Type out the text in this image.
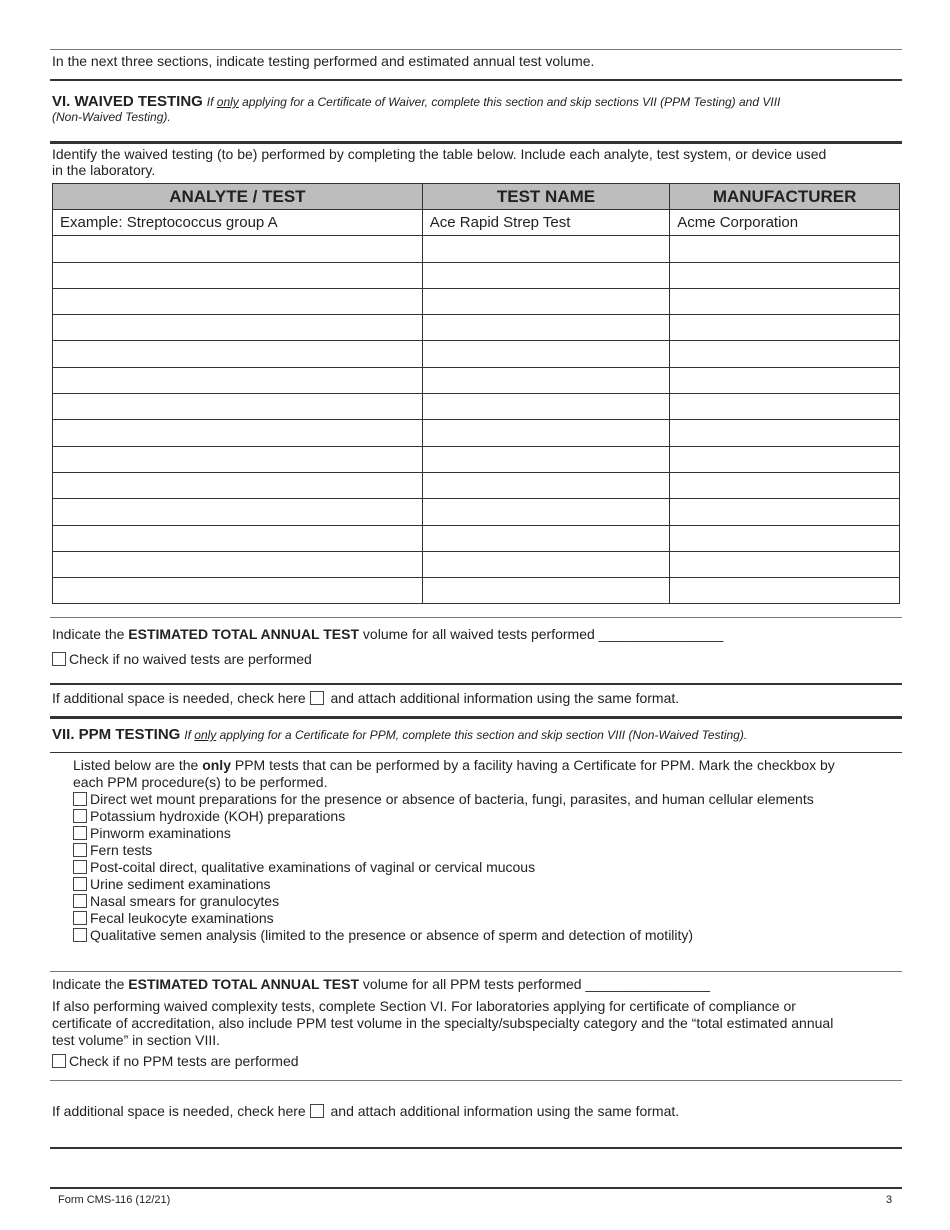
In the next three sections, indicate testing performed and estimated annual test volume.
VI. WAIVED TESTING If only applying for a Certificate of Waiver, complete this section and skip sections VII (PPM Testing) and VIII
(Non-Waived Testing).
Identify the waived testing (to be) performed by completing the table below. Include each analyte, test system, or device used
in the laboratory.
ANALYTE / TEST	TEST NAME	MANUFACTURER
Example: Streptococcus group A	Ace Rapid Strep Test	Acme Corporation

Indicate the ESTIMATED TOTAL ANNUAL TEST volume for all waived tests performed ________________
Check if no waived tests are performed
If additional space is needed, check here  and attach additional information using the same format.
VII. PPM TESTING If only applying for a Certificate for PPM, complete this section and skip section VIII (Non-Waived Testing).
Listed below are the only PPM tests that can be performed by a facility having a Certificate for PPM. Mark the checkbox by
each PPM procedure(s) to be performed.
Direct wet mount preparations for the presence or absence of bacteria, fungi, parasites, and human cellular elements
Potassium hydroxide (KOH) preparations
Pinworm examinations
Fern tests
Post-coital direct, qualitative examinations of vaginal or cervical mucous
Urine sediment examinations
Nasal smears for granulocytes
Fecal leukocyte examinations
Qualitative semen analysis (limited to the presence or absence of sperm and detection of motility)
Indicate the ESTIMATED TOTAL ANNUAL TEST volume for all PPM tests performed ________________
If also performing waived complexity tests, complete Section VI. For laboratories applying for certificate of compliance or
certificate of accreditation, also include PPM test volume in the specialty/subspecialty category and the “total estimated annual
test volume” in section VIII.
Check if no PPM tests are performed
If additional space is needed, check here  and attach additional information using the same format.
Form CMS-116 (12/21)	3
